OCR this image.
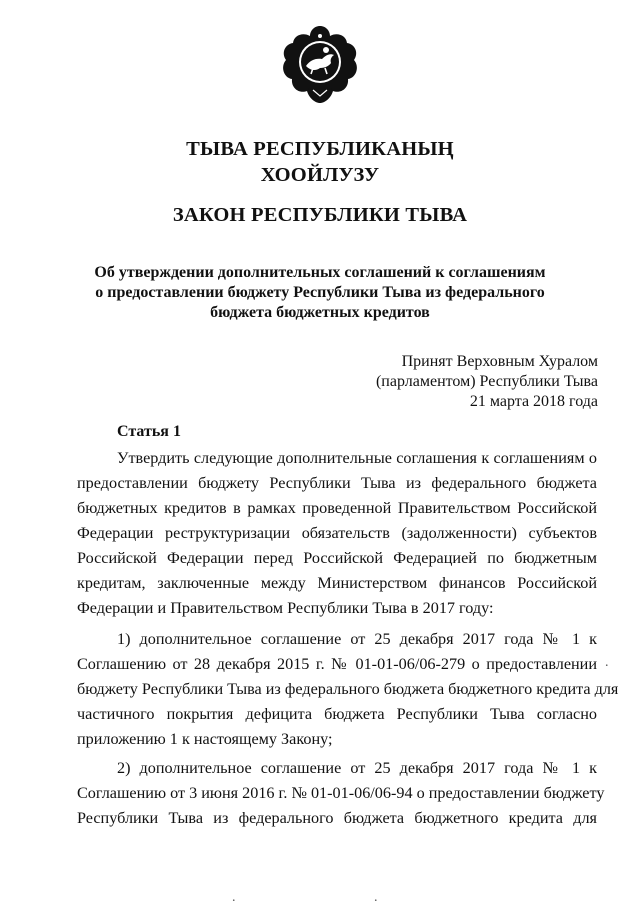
ТЫВА РЕСПУБЛИКАНЫҢ
ХООЙЛУЗУ
ЗАКОН РЕСПУБЛИКИ ТЫВА
Об утверждении дополнительных соглашений к соглашениям
о предоставлении бюджету Республики Тыва из федерального
бюджета бюджетных кредитов
Принят Верховным Хуралом
(парламентом) Республики Тыва
21 марта 2018 года
Статья 1
Утвердить следующие дополнительные соглашения к соглашениям о
предоставлении бюджету Республики Тыва из федерального бюджета
бюджетных кредитов в рамках проведенной Правительством Российской
Федерации реструктуризации обязательств (задолженности) субъектов
Российской Федерации перед Российской Федерацией по бюджетным
кредитам, заключенные между Министерством финансов Российской
Федерации и Правительством Республики Тыва в 2017 году:
1) дополнительное соглашение от 25 декабря 2017 года № 1 к
Соглашению от 28 декабря 2015 г. № 01-01-06/06-279 о предоставлении
бюджету Республики Тыва из федерального бюджета бюджетного кредита для
частичного покрытия дефицита бюджета Республики Тыва согласно
приложению 1 к настоящему Закону;
2) дополнительное соглашение от 25 декабря 2017 года № 1 к
Соглашению от 3 июня 2016 г. № 01-01-06/06-94 о предоставлении бюджету
Республики Тыва из федерального бюджета бюджетного кредита для
.
.	.
